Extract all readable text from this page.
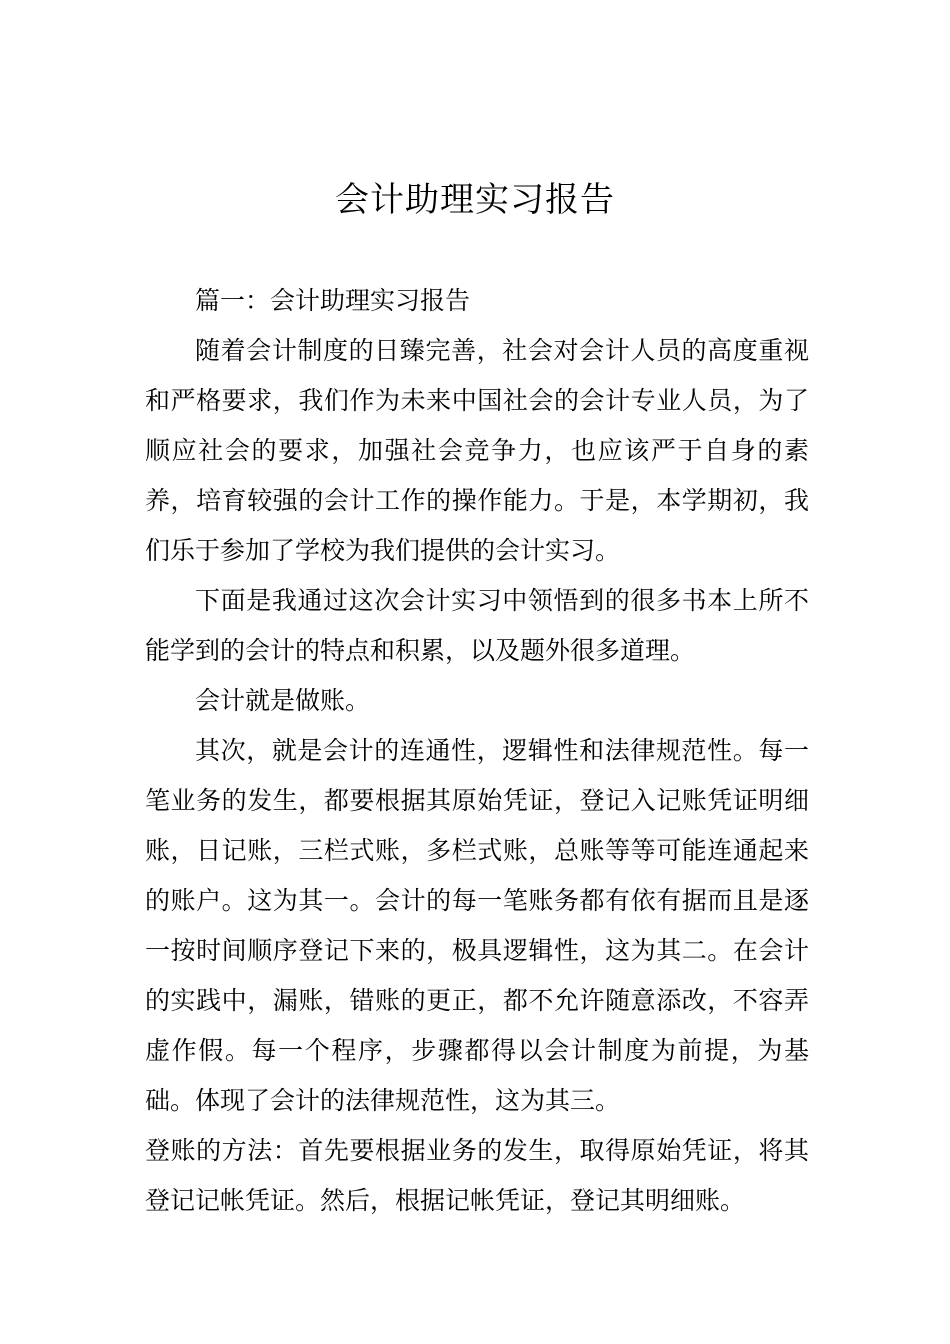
会计助理实习报告

篇一：会计助理实习报告

随着会计制度的日臻完善，社会对会计人员的高度重视和严格要求，我们作为未来中国社会的会计专业人员，为了顺应社会的要求，加强社会竞争力，也应该严于自身的素养，培育较强的会计工作的操作能力。于是，本学期初，我们乐于参加了学校为我们提供的会计实习。

下面是我通过这次会计实习中领悟到的很多书本上所不能学到的会计的特点和积累，以及题外很多道理。

会计就是做账。

其次，就是会计的连通性，逻辑性和法律规范性。每一笔业务的发生，都要根据其原始凭证，登记入记账凭证明细账，日记账，三栏式账，多栏式账，总账等等可能连通起来的账户。这为其一。会计的每一笔账务都有依有据而且是逐一按时间顺序登记下来的，极具逻辑性，这为其二。在会计的实践中，漏账，错账的更正，都不允许随意添改，不容弄虚作假。每一个程序，步骤都得以会计制度为前提，为基础。体现了会计的法律规范性，这为其三。

登账的方法：首先要根据业务的发生，取得原始凭证，将其登记记帐凭证。然后，根据记帐凭证，登记其明细账。
